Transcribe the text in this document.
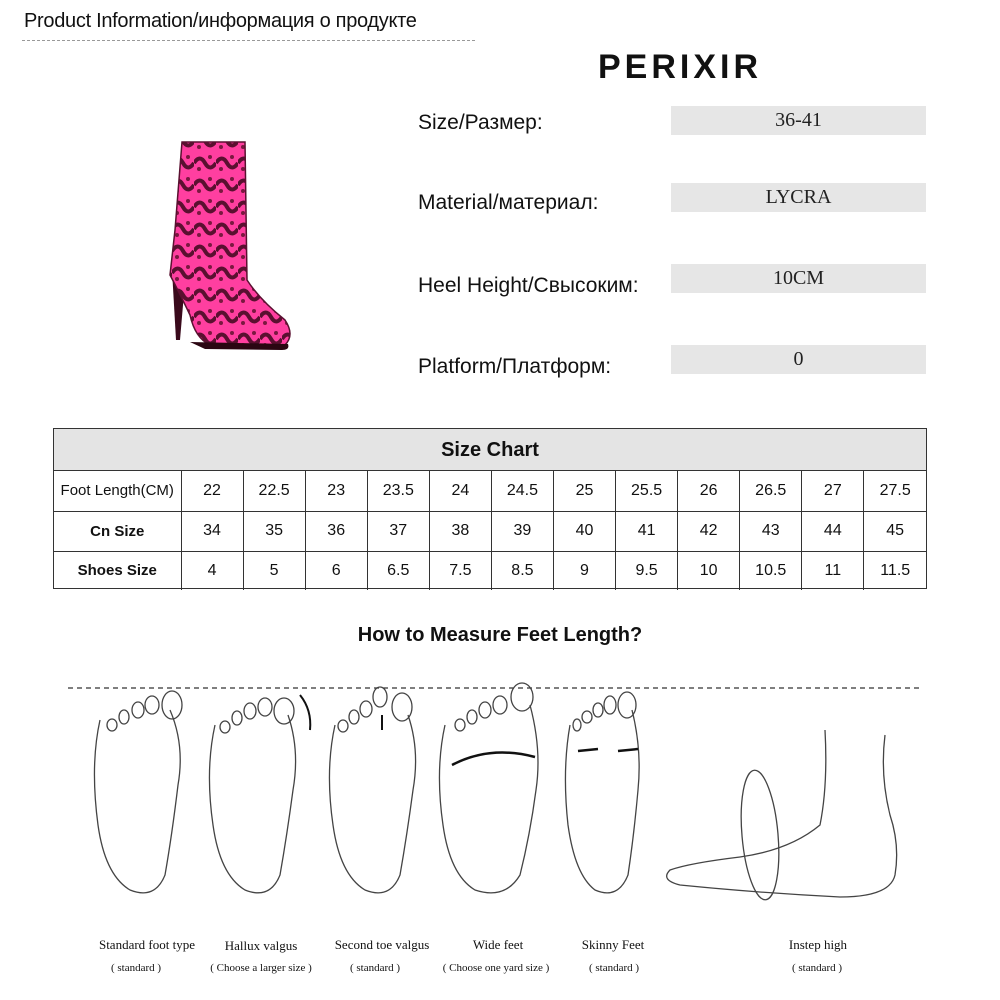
Product Information/информация о продукте
PERIXIR
Size/Размер:	36-41
Material/материал:	LYCRA
Heel Height/Свысоким:	10CM
Platform/Платформ:	0
Size Chart
Foot Length(CM)	22	22.5	23	23.5	24	24.5	25	25.5	26	26.5	27	27.5
Cn Size	34	35	36	37	38	39	40	41	42	43	44	45
Shoes Size	4	5	6	6.5	7.5	8.5	9	9.5	10	10.5	11	11.5
How to Measure Feet Length?
Standard foot type
( standard )
Hallux valgus
( Choose a larger size )
Second toe valgus
( standard )
Wide feet
( Choose one yard size )
Skinny Feet
( standard )
Instep high
( standard )
